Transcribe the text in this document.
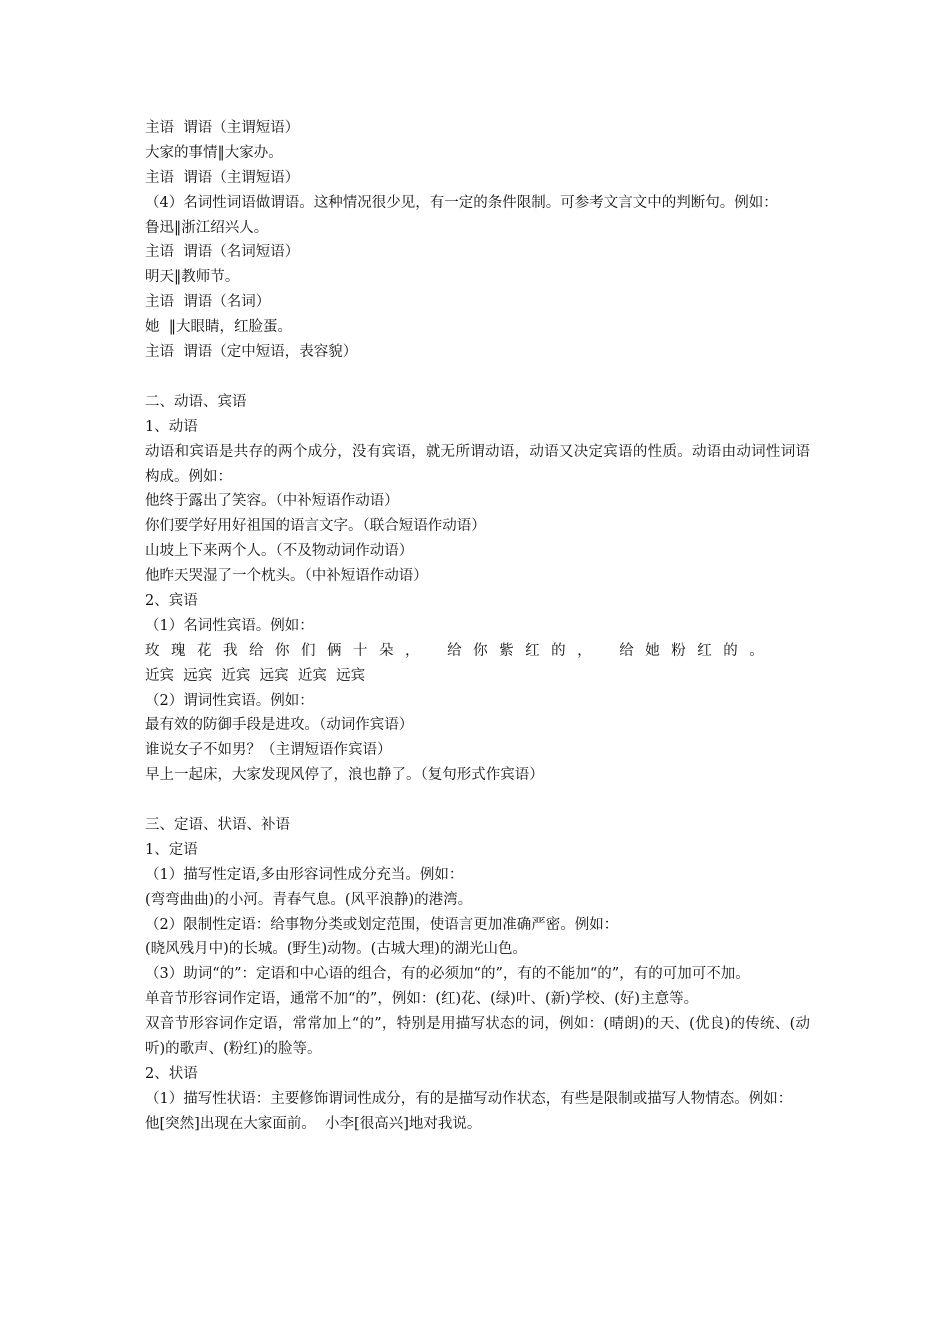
主语  谓语（主谓短语）
大家的事情‖大家办。
主语  谓语（主谓短语）
（4）名词性词语做谓语。这种情况很少见，有一定的条件限制。可参考文言文中的判断句。例如：
鲁迅‖浙江绍兴人。
主语  谓语（名词短语）
明天‖教师节。
主语  谓语（名词）
她  ‖大眼睛，红脸蛋。
主语  谓语（定中短语，表容貌）
二、动语、宾语
1、动语
动语和宾语是共存的两个成分，没有宾语，就无所谓动语，动语又决定宾语的性质。动语由动词性词语构成。例如：
他终于露出了笑容。（中补短语作动语）
你们要学好用好祖国的语言文字。（联合短语作动语）
山坡上下来两个人。（不及物动词作动语）
他昨天哭湿了一个枕头。（中补短语作动语）
2、宾语
（1）名词性宾语。例如：
玫瑰花我给你们俩十朵， 给你紫红的， 给她粉红的。
近宾  远宾  近宾  远宾  近宾  远宾
（2）谓词性宾语。例如：
最有效的防御手段是进攻。（动词作宾语）
谁说女子不如男？（主谓短语作宾语）
早上一起床，大家发现风停了，浪也静了。（复句形式作宾语）
三、定语、状语、补语
1、定语
（1）描写性定语,多由形容词性成分充当。例如：
(弯弯曲曲)的小河。青春气息。(风平浪静)的港湾。
（2）限制性定语：给事物分类或划定范围，使语言更加准确严密。例如：
(晓风残月中)的长城。(野生)动物。(古城大理)的湖光山色。
（3）助词“的”：定语和中心语的组合，有的必须加“的”，有的不能加“的”，有的可加可不加。
单音节形容词作定语，通常不加“的”，例如：(红)花、(绿)叶、(新)学校、(好)主意等。
双音节形容词作定语，常常加上“的”，特别是用描写状态的词，例如：(晴朗)的天、(优良)的传统、(动听)的歌声、(粉红)的脸等。
2、状语
（1）描写性状语：主要修饰谓词性成分，有的是描写动作状态，有些是限制或描写人物情态。例如：
他[突然]出现在大家面前。  小李[很高兴]地对我说。
